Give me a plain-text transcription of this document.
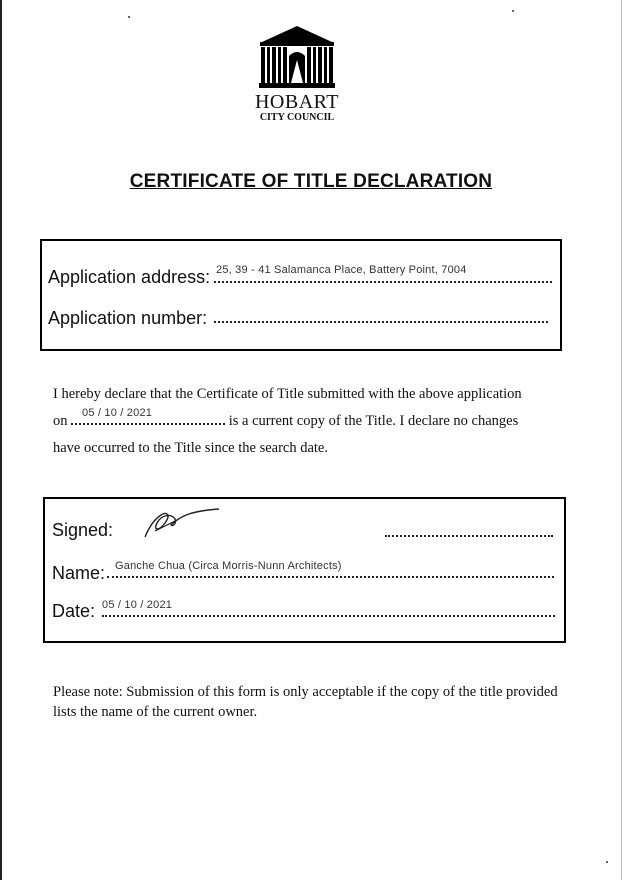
HOBART
CITY COUNCIL
CERTIFICATE OF TITLE DECLARATION
Application address: 25, 39 - 41 Salamanca Place, Battery Point, 7004
Application number:
I hereby declare that the Certificate of Title submitted with the above application
on	is a current copy of the Title. I declare no changes
05 / 10 / 2021
have occurred to the Title since the search date.
Signed:
Name: Ganche Chua (Circa Morris-Nunn Architects)
Date: 05 / 10 / 2021
Please note: Submission of this form is only acceptable if the copy of the title provided lists the name of the current owner.
